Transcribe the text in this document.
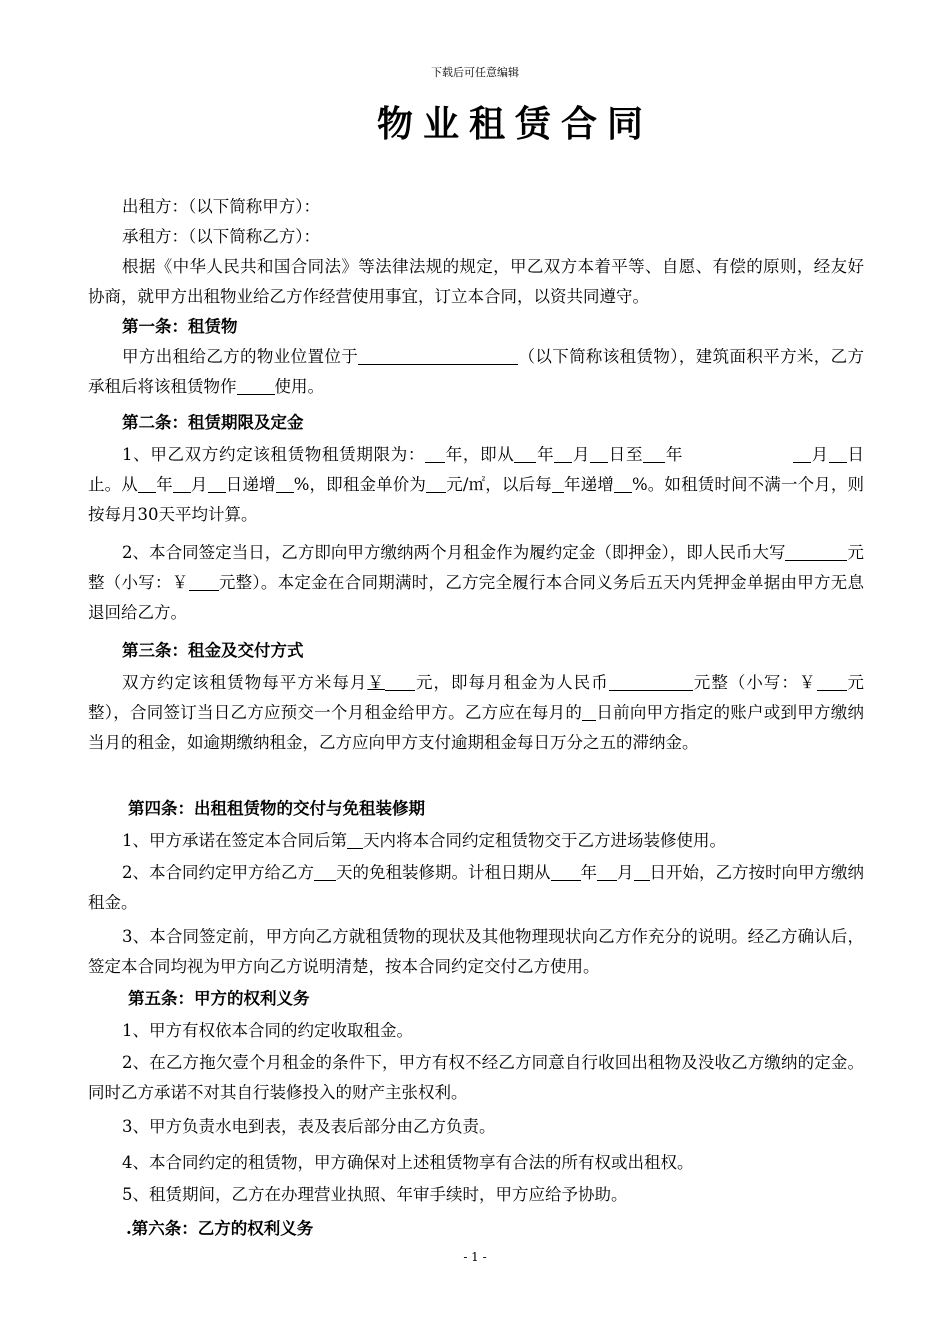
下载后可任意编辑
物业租赁合同
出租方：（以下简称甲方）：
承租方：（以下简称乙方）：
根据《中华人民共和国合同法》等法律法规的规定，甲乙双方本着平等、自愿、有偿的原则，经友好协商，就甲方出租物业给乙方作经营使用事宜，订立本合同，以资共同遵守。
第一条：租赁物
甲方出租给乙方的物业位置位于	（以下简称该租赁物），建筑面积平方米，乙方承租后将该租赁物作 使用。
第二条：租赁期限及定金
1、甲乙双方约定该租赁物租赁期限为： 年，即从 年 月 日至 年	月 日止。从 年 月 日递增 %，即租金单价为 元/㎡，以后每 年递增 %。如租赁时间不满一个月，则按每月30天平均计算。
2、本合同签定当日，乙方即向甲方缴纳两个月租金作为履约定金（即押金），即人民币大写	元整（小写：￥ 元整）。本定金在合同期满时，乙方完全履行本合同义务后五天内凭押金单据由甲方无息退回给乙方。
第三条：租金及交付方式
双方约定该租赁物每平方米每月￥ 元，即每月租金为人民币	元整（小写：￥ 元整），合同签订当日乙方应预交一个月租金给甲方。乙方应在每月的 日前向甲方指定的账户或到甲方缴纳当月的租金，如逾期缴纳租金，乙方应向甲方支付逾期租金每日万分之五的滞纳金。
第四条：出租租赁物的交付与免租装修期
1、甲方承诺在签定本合同后第 天内将本合同约定租赁物交于乙方进场装修使用。
2、本合同约定甲方给乙方 天的免租装修期。计租日期从 年 月 日开始，乙方按时向甲方缴纳租金。
3、本合同签定前，甲方向乙方就租赁物的现状及其他物理现状向乙方作充分的说明。经乙方确认后，签定本合同均视为甲方向乙方说明清楚，按本合同约定交付乙方使用。
第五条：甲方的权利义务
1、甲方有权依本合同的约定收取租金。
2、在乙方拖欠壹个月租金的条件下，甲方有权不经乙方同意自行收回出租物及没收乙方缴纳的定金。同时乙方承诺不对其自行装修投入的财产主张权利。
3、甲方负责水电到表，表及表后部分由乙方负责。
4、本合同约定的租赁物，甲方确保对上述租赁物享有合法的所有权或出租权。
5、租赁期间，乙方在办理营业执照、年审手续时，甲方应给予协助。
.第六条：乙方的权利义务
- 1 -
